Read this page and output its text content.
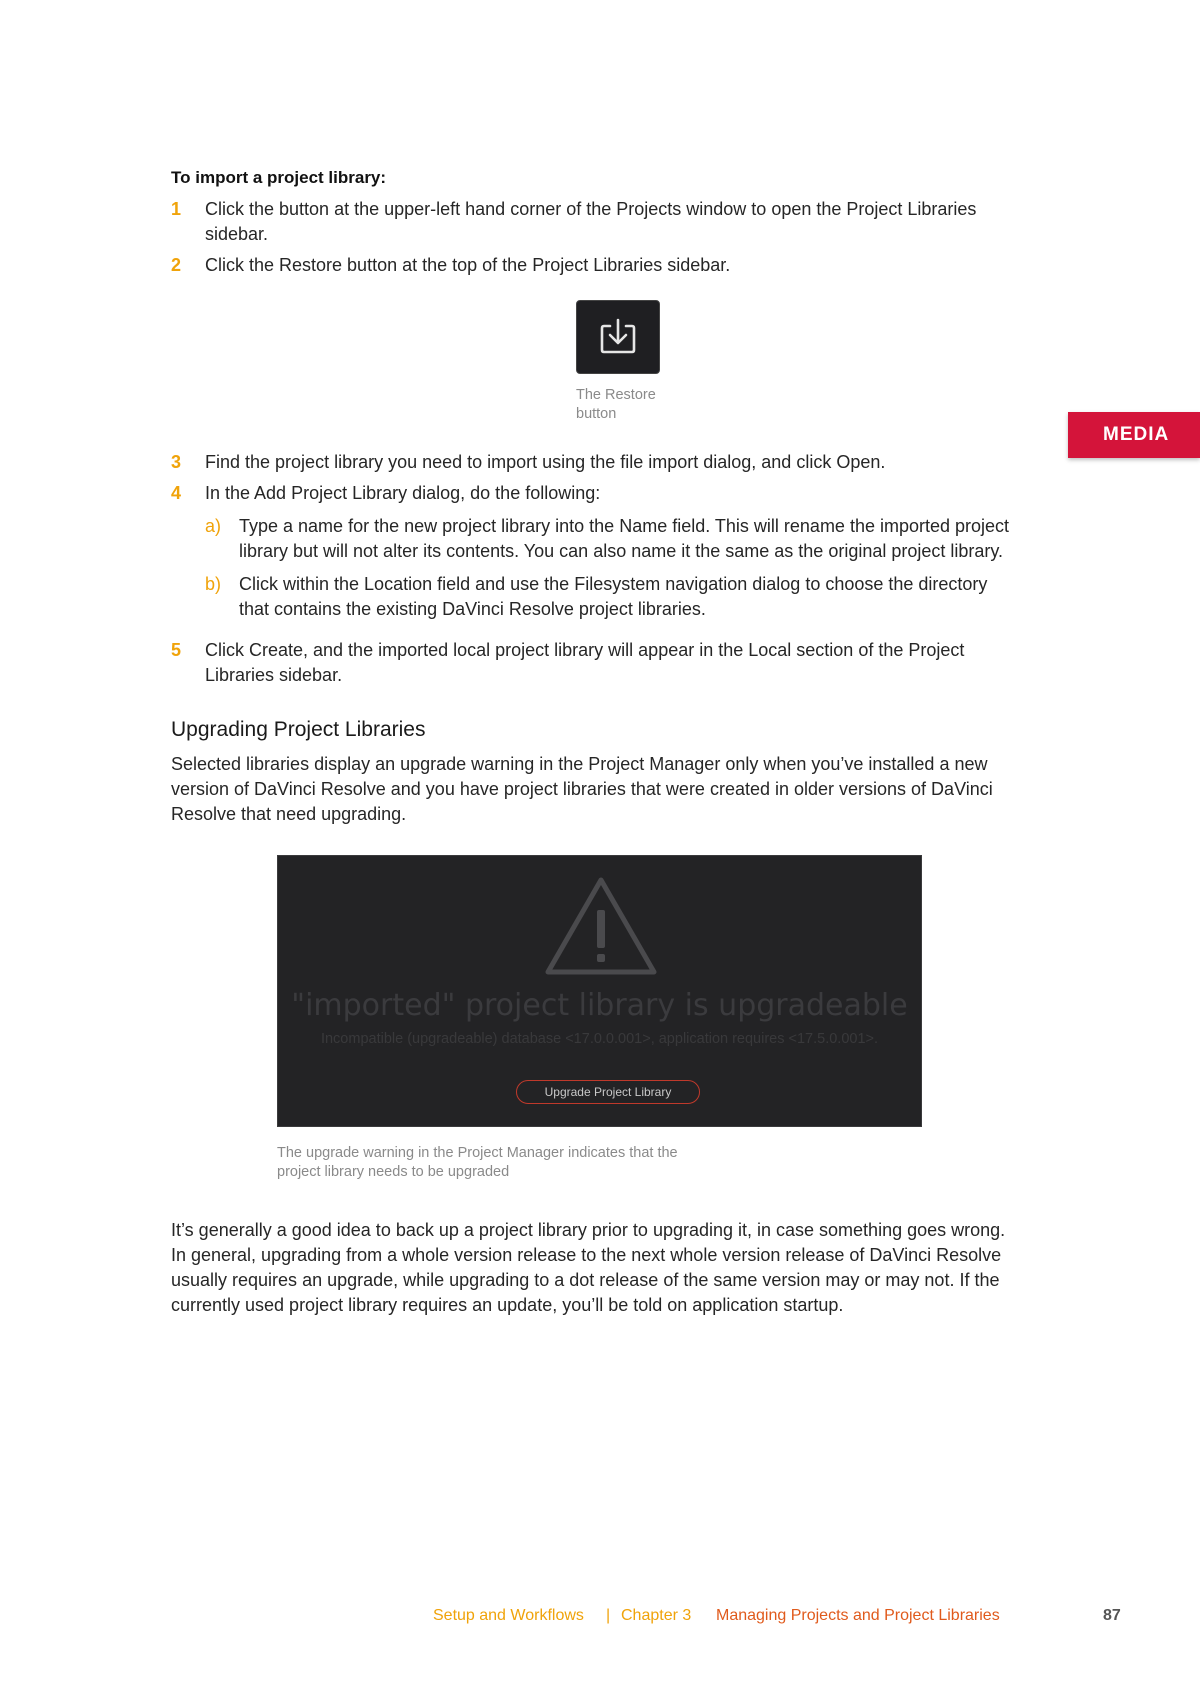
To import a project library:
1	Click the button at the upper-left hand corner of the Projects window to open the Project Libraries sidebar.
2	Click the Restore button at the top of the Project Libraries sidebar.
The Restore button
3	Find the project library you need to import using the file import dialog, and click Open.
4	In the Add Project Library dialog, do the following:
a) Type a name for the new project library into the Name field. This will rename the imported project library but will not alter its contents. You can also name it the same as the original project library.
b) Click within the Location field and use the Filesystem navigation dialog to choose the directory that contains the existing DaVinci Resolve project libraries.
5	Click Create, and the imported local project library will appear in the Local section of the Project Libraries sidebar.
Upgrading Project Libraries

Selected libraries display an upgrade warning in the Project Manager only when you’ve installed a new version of DaVinci Resolve and you have project libraries that were created in older versions of DaVinci Resolve that need upgrading.

"imported" project library is upgradeable
Incompatible (upgradeable) database <17.0.0.001>, application requires <17.5.0.001>.
Upgrade Project Library
The upgrade warning in the Project Manager indicates that the project library needs to be upgraded

It’s generally a good idea to back up a project library prior to upgrading it, in case something goes wrong. In general, upgrading from a whole version release to the next whole version release of DaVinci Resolve usually requires an upgrade, while upgrading to a dot release of the same version may or may not. If the currently used project library requires an update, you’ll be told on application startup.

MEDIA
Setup and Workflows | Chapter 3 Managing Projects and Project Libraries	87
